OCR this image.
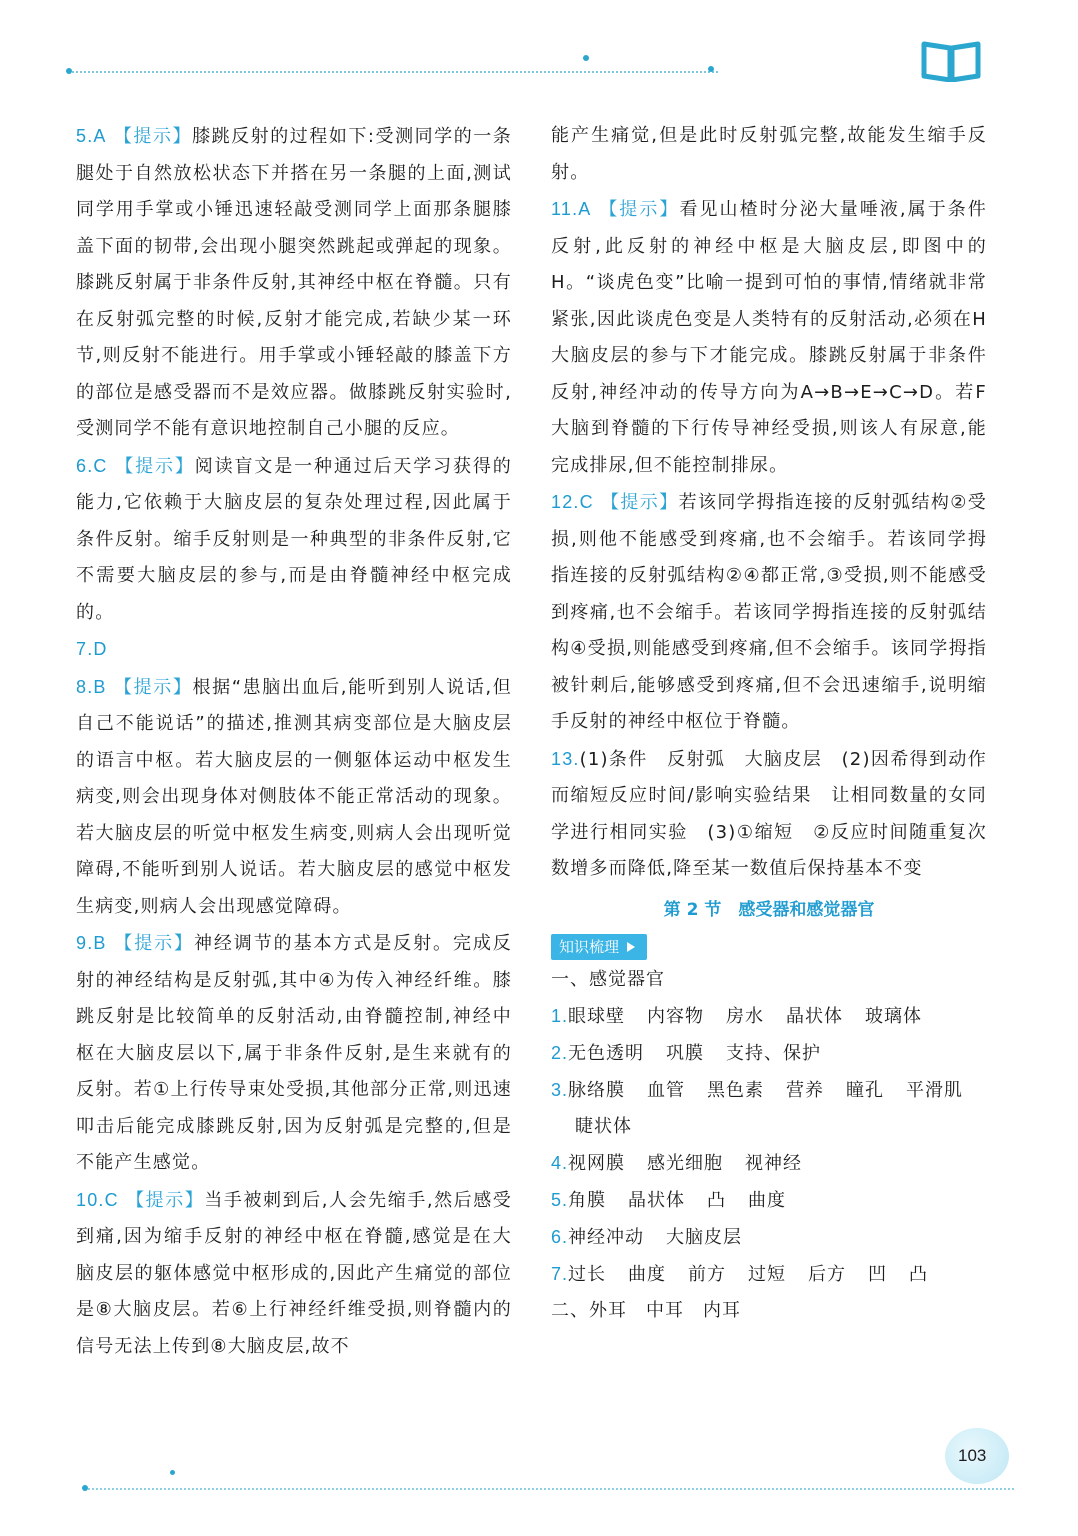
5.A 【提示】膝跳反射的过程如下:受测同学的一条腿处于自然放松状态下并搭在另一条腿的上面,测试同学用手掌或小锤迅速轻敲受测同学上面那条腿膝盖下面的韧带,会出现小腿突然跳起或弹起的现象。膝跳反射属于非条件反射,其神经中枢在脊髓。只有在反射弧完整的时候,反射才能完成,若缺少某一环节,则反射不能进行。用手掌或小锤轻敲的膝盖下方的部位是感受器而不是效应器。做膝跳反射实验时,受测同学不能有意识地控制自己小腿的反应。

6.C 【提示】阅读盲文是一种通过后天学习获得的能力,它依赖于大脑皮层的复杂处理过程,因此属于条件反射。缩手反射则是一种典型的非条件反射,它不需要大脑皮层的参与,而是由脊髓神经中枢完成的。

7.D

8.B 【提示】根据“患脑出血后,能听到别人说话,但自己不能说话”的描述,推测其病变部位是大脑皮层的语言中枢。若大脑皮层的一侧躯体运动中枢发生病变,则会出现身体对侧肢体不能正常活动的现象。若大脑皮层的听觉中枢发生病变,则病人会出现听觉障碍,不能听到别人说话。若大脑皮层的感觉中枢发生病变,则病人会出现感觉障碍。

9.B 【提示】神经调节的基本方式是反射。完成反射的神经结构是反射弧,其中④为传入神经纤维。膝跳反射是比较简单的反射活动,由脊髓控制,神经中枢在大脑皮层以下,属于非条件反射,是生来就有的反射。若①上行传导束处受损,其他部分正常,则迅速叩击后能完成膝跳反射,因为反射弧是完整的,但是不能产生感觉。

10.C 【提示】当手被刺到后,人会先缩手,然后感受到痛,因为缩手反射的神经中枢在脊髓,感觉是在大脑皮层的躯体感觉中枢形成的,因此产生痛觉的部位是⑧大脑皮层。若⑥上行神经纤维受损,则脊髓内的信号无法上传到⑧大脑皮层,故不

能产生痛觉,但是此时反射弧完整,故能发生缩手反射。

11.A 【提示】看见山楂时分泌大量唾液,属于条件反射,此反射的神经中枢是大脑皮层,即图中的H。“谈虎色变”比喻一提到可怕的事情,情绪就非常紧张,因此谈虎色变是人类特有的反射活动,必须在H大脑皮层的参与下才能完成。膝跳反射属于非条件反射,神经冲动的传导方向为A→B→E→C→D。若F大脑到脊髓的下行传导神经受损,则该人有尿意,能完成排尿,但不能控制排尿。

12.C 【提示】若该同学拇指连接的反射弧结构②受损,则他不能感受到疼痛,也不会缩手。若该同学拇指连接的反射弧结构②④都正常,③受损,则不能感受到疼痛,也不会缩手。若该同学拇指连接的反射弧结构④受损,则能感受到疼痛,但不会缩手。该同学拇指被针刺后,能够感受到疼痛,但不会迅速缩手,说明缩手反射的神经中枢位于脊髓。

13.(1)条件　反射弧　大脑皮层　(2)因希得到动作而缩短反应时间/影响实验结果　让相同数量的女同学进行相同实验　(3)①缩短　②反应时间随重复次数增多而降低,降至某一数值后保持基本不变

第 2 节　感受器和感觉器官
知识梳理

一、感觉器官

1.眼球壁 内容物 房水 晶状体 玻璃体

2.无色透明 巩膜 支持、保护

3.脉络膜 血管 黑色素 营养 瞳孔 平滑肌

睫状体

4.视网膜 感光细胞 视神经

5.角膜 晶状体 凸 曲度

6.神经冲动 大脑皮层

7.过长 曲度 前方 过短 后方 凹 凸

二、外耳　中耳　内耳

103
